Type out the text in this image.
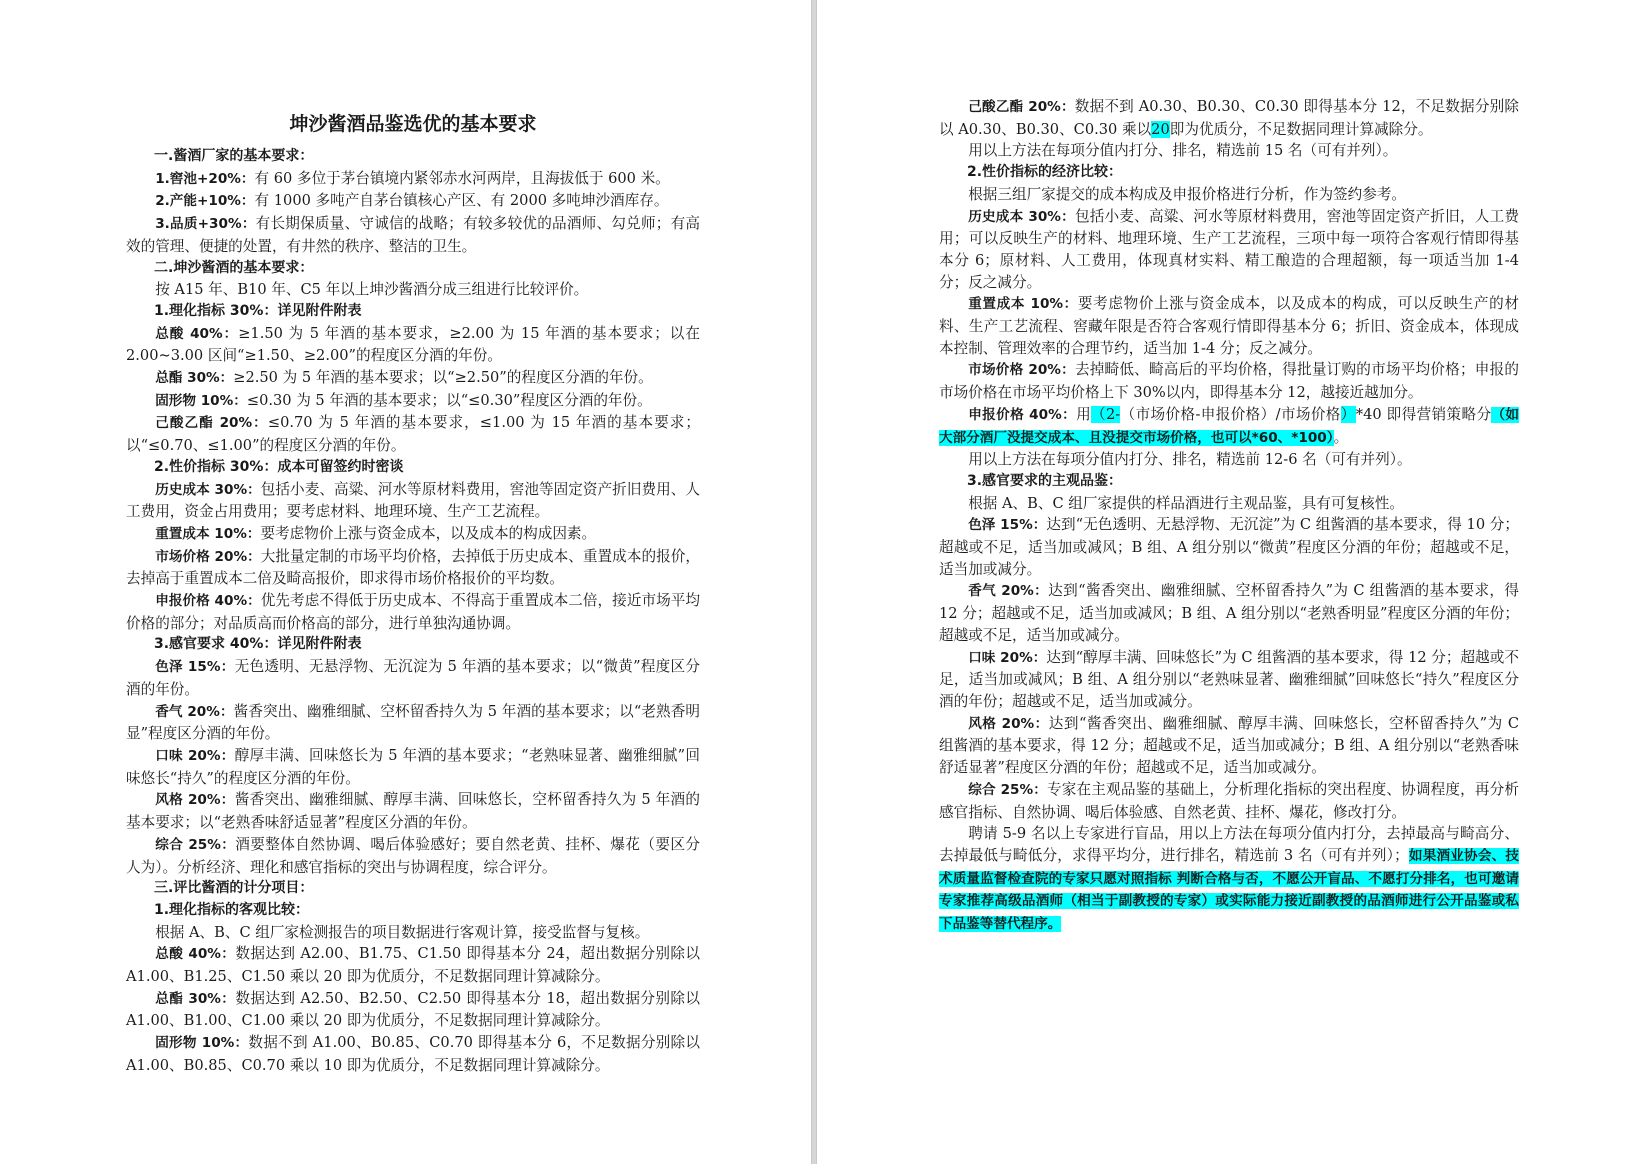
坤沙酱酒品鉴选优的基本要求

一.酱酒厂家的基本要求：

1.窖池+20%：有 60 多位于茅台镇境内紧邻赤水河两岸，且海拔低于 600 米。

2.产能+10%：有 1000 多吨产自茅台镇核心产区、有 2000 多吨坤沙酒库存。

3.品质+30%：有长期保质量、守诚信的战略；有较多较优的品酒师、勾兑师；有高效的管理、便捷的处置，有井然的秩序、整洁的卫生。

二.坤沙酱酒的基本要求：

按 A15 年、B10 年、C5 年以上坤沙酱酒分成三组进行比较评价。

1.理化指标 30%：详见附件附表

总酸 40%：≥1.50 为 5 年酒的基本要求，≥2.00 为 15 年酒的基本要求；以在 2.00~3.00 区间“≥1.50、≥2.00”的程度区分酒的年份。

总酯 30%：≥2.50 为 5 年酒的基本要求；以“≥2.50”的程度区分酒的年份。

固形物 10%：≤0.30 为 5 年酒的基本要求；以“≤0.30”程度区分酒的年份。

己酸乙酯 20%：≤0.70 为 5 年酒的基本要求，≤1.00 为 15 年酒的基本要求；以“≤0.70、≤1.00”的程度区分酒的年份。

2.性价指标 30%：成本可留签约时密谈

历史成本 30%：包括小麦、高粱、河水等原材料费用，窖池等固定资产折旧费用、人工费用，资金占用费用；要考虑材料、地理环境、生产工艺流程。

重置成本 10%：要考虑物价上涨与资金成本，以及成本的构成因素。

市场价格 20%：大批量定制的市场平均价格，去掉低于历史成本、重置成本的报价，去掉高于重置成本二倍及畸高报价，即求得市场价格报价的平均数。

申报价格 40%：优先考虑不得低于历史成本、不得高于重置成本二倍，接近市场平均价格的部分；对品质高而价格高的部分，进行单独沟通协调。

3.感官要求 40%：详见附件附表

色泽 15%：无色透明、无悬浮物、无沉淀为 5 年酒的基本要求；以“微黄”程度区分酒的年份。

香气 20%：酱香突出、幽雅细腻、空杯留香持久为 5 年酒的基本要求；以“老熟香明显”程度区分酒的年份。

口味 20%：醇厚丰满、回味悠长为 5 年酒的基本要求；“老熟味显著、幽雅细腻”回味悠长“持久”的程度区分酒的年份。

风格 20%：酱香突出、幽雅细腻、醇厚丰满、回味悠长，空杯留香持久为 5 年酒的基本要求；以“老熟香味舒适显著”程度区分酒的年份。

综合 25%：酒要整体自然协调、喝后体验感好；要自然老黄、挂杯、爆花（要区分人为）。分析经济、理化和感官指标的突出与协调程度，综合评分。

三.评比酱酒的计分项目：

1.理化指标的客观比较：

根据 A、B、C 组厂家检测报告的项目数据进行客观计算，接受监督与复核。

总酸 40%：数据达到 A2.00、B1.75、C1.50 即得基本分 24，超出数据分别除以 A1.00、B1.25、C1.50 乘以 20 即为优质分，不足数据同理计算减除分。

总酯 30%：数据达到 A2.50、B2.50、C2.50 即得基本分 18，超出数据分别除以 A1.00、B1.00、C1.00 乘以 20 即为优质分，不足数据同理计算减除分。

固形物 10%：数据不到 A1.00、B0.85、C0.70 即得基本分 6，不足数据分别除以 A1.00、B0.85、C0.70 乘以 10 即为优质分，不足数据同理计算减除分。

己酸乙酯 20%：数据不到 A0.30、B0.30、C0.30 即得基本分 12，不足数据分别除以 A0.30、B0.30、C0.30 乘以20即为优质分，不足数据同理计算减除分。

用以上方法在每项分值内打分、排名，精选前 15 名（可有并列）。

2.性价指标的经济比较：

根据三组厂家提交的成本构成及申报价格进行分析，作为签约参考。

历史成本 30%：包括小麦、高粱、河水等原材料费用，窖池等固定资产折旧，人工费用；可以反映生产的材料、地理环境、生产工艺流程，三项中每一项符合客观行情即得基本分 6；原材料、人工费用，体现真材实料、精工酿造的合理超额，每一项适当加 1-4 分；反之减分。

重置成本 10%：要考虑物价上涨与资金成本，以及成本的构成，可以反映生产的材料、生产工艺流程、窖藏年限是否符合客观行情即得基本分 6；折旧、资金成本，体现成本控制、管理效率的合理节约，适当加 1-4 分；反之减分。

市场价格 20%：去掉畸低、畸高后的平均价格，得批量订购的市场平均价格；申报的市场价格在市场平均价格上下 30%以内，即得基本分 12，越接近越加分。

申报价格 40%：用（2-（市场价格-申报价格）/市场价格）*40 即得营销策略分（如大部分酒厂没提交成本、且没提交市场价格，也可以*60、*100）。

用以上方法在每项分值内打分、排名，精选前 12-6 名（可有并列）。

3.感官要求的主观品鉴：

根据 A、B、C 组厂家提供的样品酒进行主观品鉴，具有可复核性。

色泽 15%：达到“无色透明、无悬浮物、无沉淀”为 C 组酱酒的基本要求，得 10 分；超越或不足，适当加或减风；B 组、A 组分别以“微黄”程度区分酒的年份；超越或不足，适当加或减分。

香气 20%：达到“酱香突出、幽雅细腻、空杯留香持久”为 C 组酱酒的基本要求，得 12 分；超越或不足，适当加或减风；B 组、A 组分别以“老熟香明显”程度区分酒的年份；超越或不足，适当加或减分。

口味 20%：达到“醇厚丰满、回味悠长”为 C 组酱酒的基本要求，得 12 分；超越或不足，适当加或减风；B 组、A 组分别以“老熟味显著、幽雅细腻”回味悠长“持久”程度区分酒的年份；超越或不足，适当加或减分。

风格 20%：达到“酱香突出、幽雅细腻、醇厚丰满、回味悠长，空杯留香持久”为 C 组酱酒的基本要求，得 12 分；超越或不足，适当加或减分；B 组、A 组分别以“老熟香味舒适显著”程度区分酒的年份；超越或不足，适当加或减分。

综合 25%：专家在主观品鉴的基础上，分析理化指标的突出程度、协调程度，再分析感官指标、自然协调、喝后体验感、自然老黄、挂杯、爆花，修改打分。

聘请 5-9 名以上专家进行盲品，用以上方法在每项分值内打分，去掉最高与畸高分、去掉最低与畸低分，求得平均分，进行排名，精选前 3 名（可有并列）；如果酒业协会、技术质量监督检查院的专家只愿对照指标 判断合格与否，不愿公开盲品、不愿打分排名，也可邀请专家推荐高级品酒师（相当于副教授的专家）或实际能力接近副教授的品酒师进行公开品鉴或私下品鉴等替代程序。
